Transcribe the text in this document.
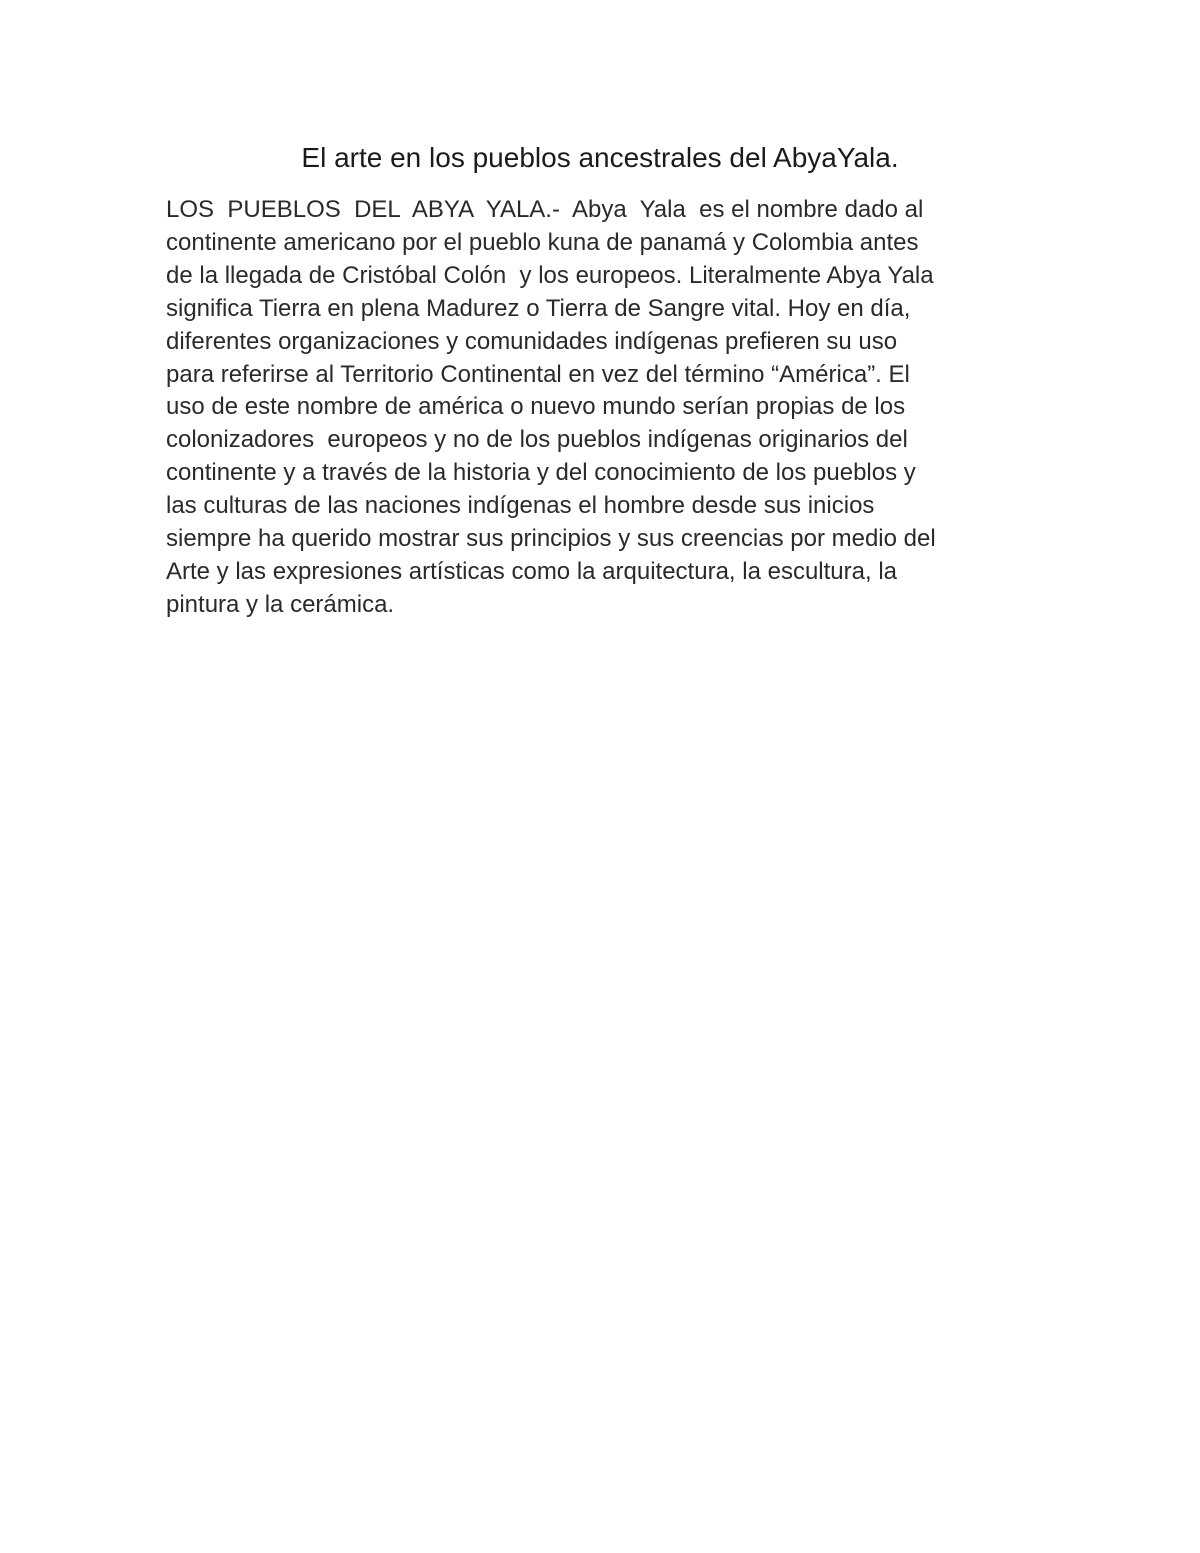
El arte en los pueblos ancestrales del AbyaYala.
LOS  PUEBLOS  DEL  ABYA  YALA.-  Abya  Yala  es el nombre dado al
continente americano por el pueblo kuna de panamá y Colombia antes
de la llegada de Cristóbal Colón  y los europeos. Literalmente Abya Yala
significa Tierra en plena Madurez o Tierra de Sangre vital. Hoy en día,
diferentes organizaciones y comunidades indígenas prefieren su uso
para referirse al Territorio Continental en vez del término “América”. El
uso de este nombre de américa o nuevo mundo serían propias de los
colonizadores  europeos y no de los pueblos indígenas originarios del
continente y a través de la historia y del conocimiento de los pueblos y
las culturas de las naciones indígenas el hombre desde sus inicios
siempre ha querido mostrar sus principios y sus creencias por medio del
Arte y las expresiones artísticas como la arquitectura, la escultura, la
pintura y la cerámica.
